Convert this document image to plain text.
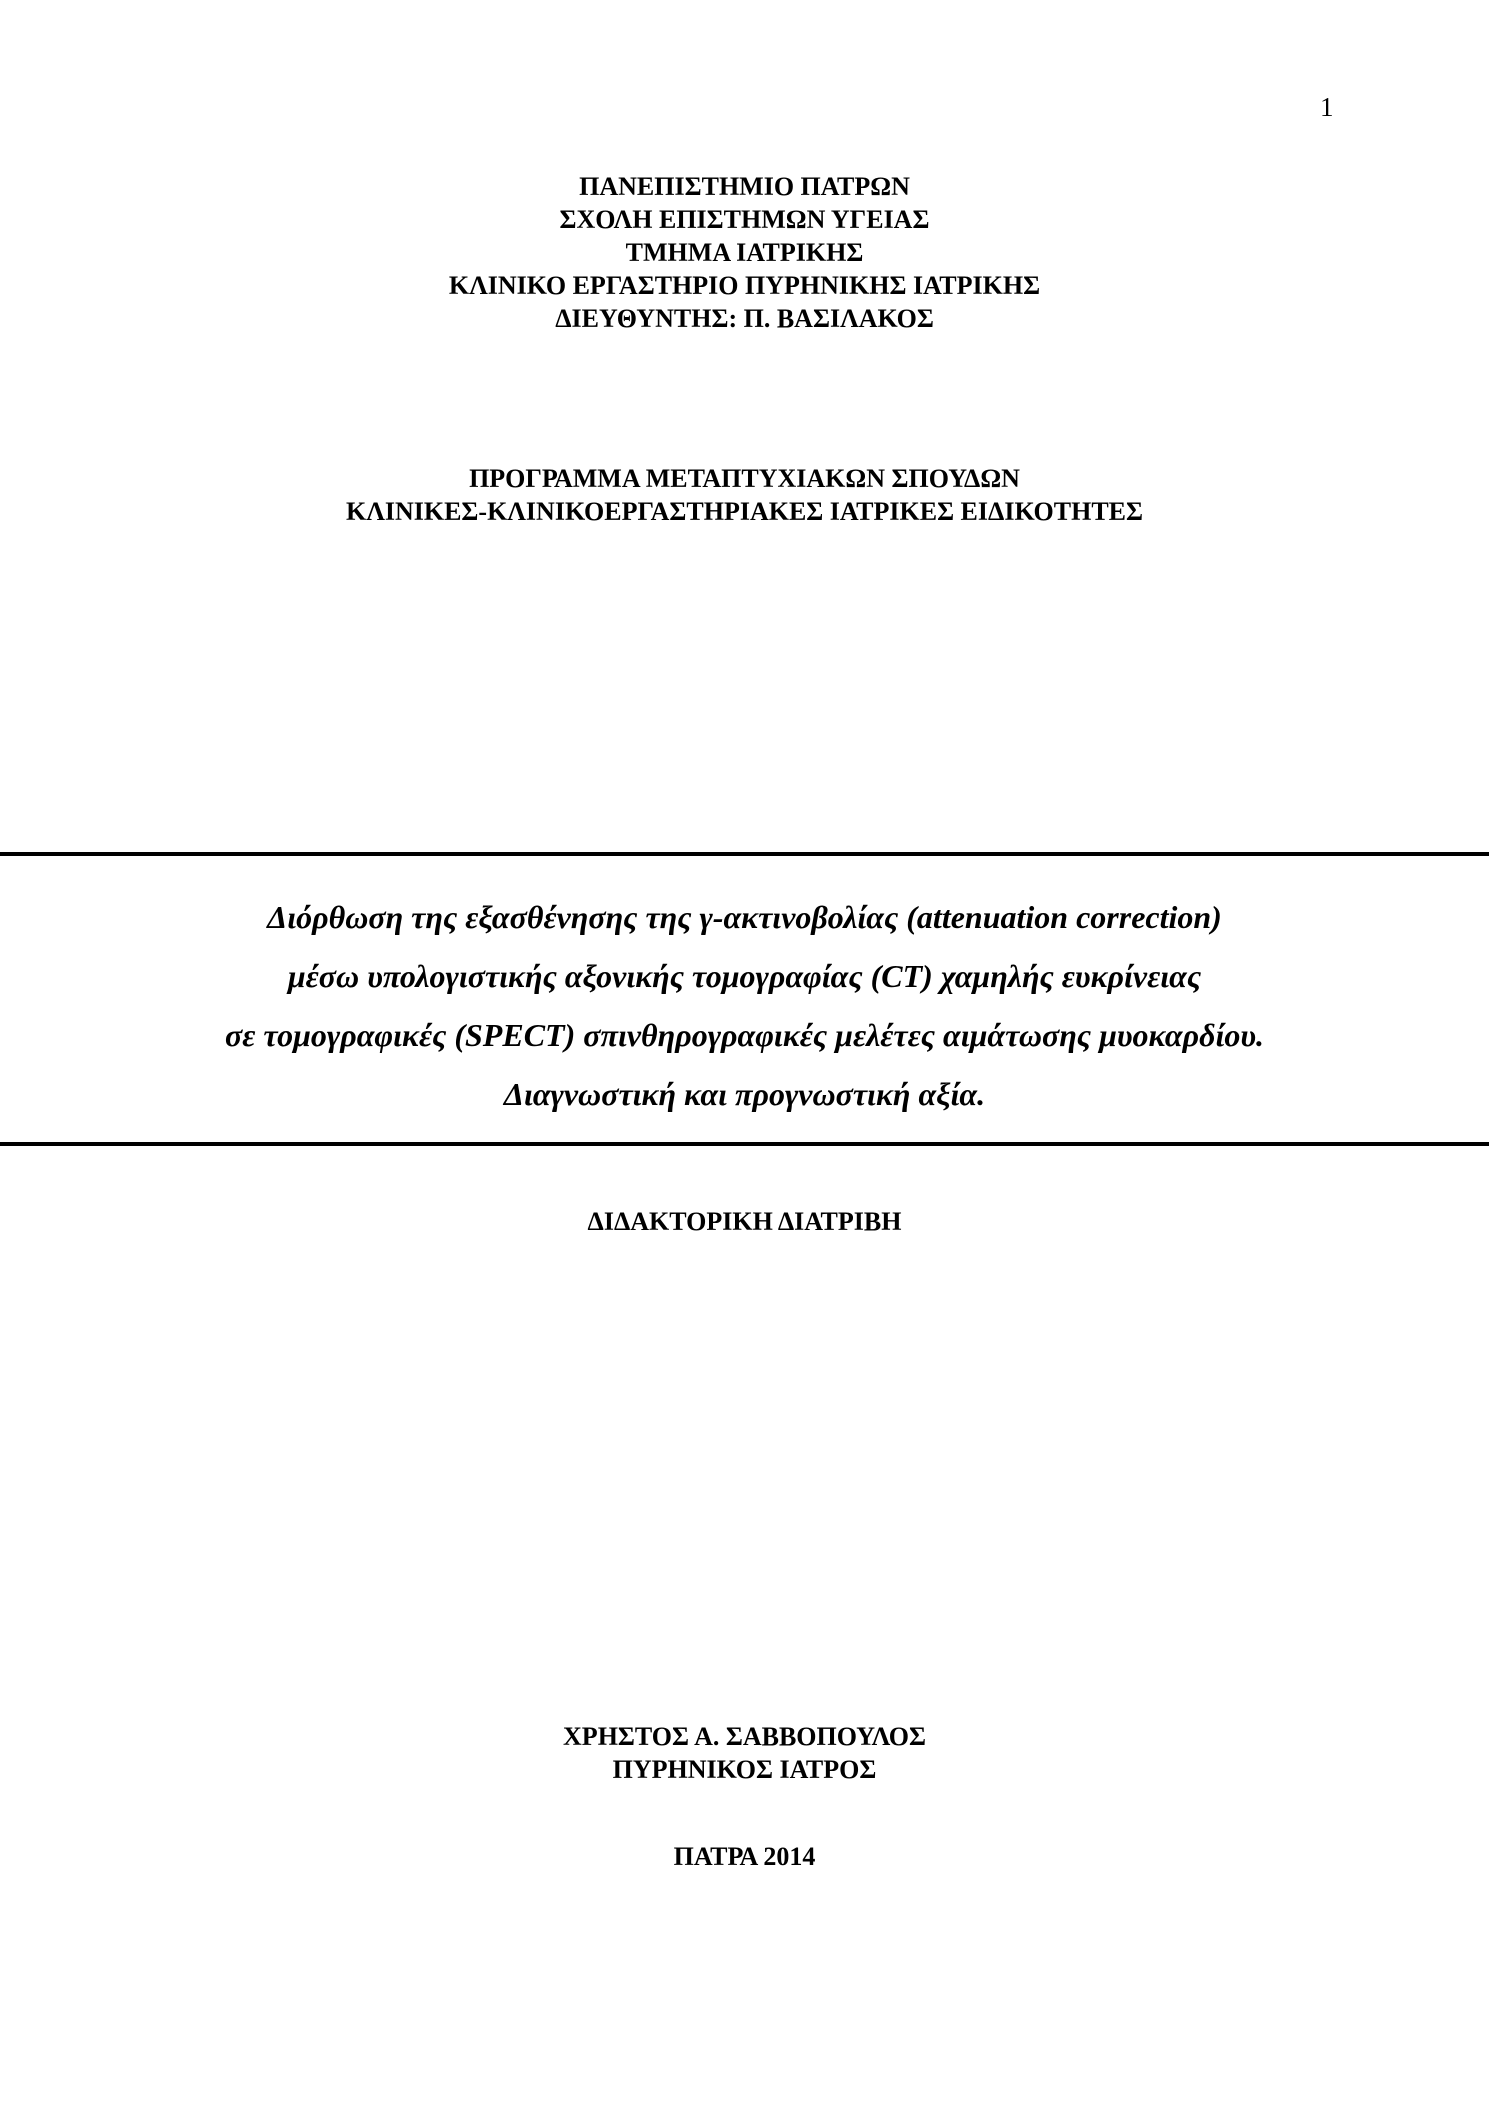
1
ΠΑΝΕΠΙΣΤΗΜΙΟ ΠΑΤΡΩΝ
ΣΧΟΛΗ ΕΠΙΣΤΗΜΩΝ ΥΓΕΙΑΣ
ΤΜΗΜΑ ΙΑΤΡΙΚΗΣ
ΚΛΙΝΙΚΟ ΕΡΓΑΣΤΗΡΙΟ ΠΥΡΗΝΙΚΗΣ ΙΑΤΡΙΚΗΣ
ΔΙΕΥΘΥΝΤΗΣ: Π. ΒΑΣΙΛΑΚΟΣ
ΠΡΟΓΡΑΜΜΑ ΜΕΤΑΠΤΥΧΙΑΚΩΝ ΣΠΟΥΔΩΝ
ΚΛΙΝΙΚΕΣ-ΚΛΙΝΙΚΟΕΡΓΑΣΤΗΡΙΑΚΕΣ ΙΑΤΡΙΚΕΣ ΕΙΔΙΚΟΤΗΤΕΣ
Διόρθωση της εξασθένησης της γ-ακτινοβολίας (attenuation correction)
μέσω υπολογιστικής αξονικής τομογραφίας (CT) χαμηλής ευκρίνειας
σε τομογραφικές (SPECT) σπινθηρογραφικές μελέτες αιμάτωσης μυοκαρδίου.
Διαγνωστική και προγνωστική αξία.
ΔΙΔΑΚΤΟΡΙΚΗ ΔΙΑΤΡΙΒΗ
ΧΡΗΣΤΟΣ Α. ΣΑΒΒΟΠΟΥΛΟΣ
ΠΥΡΗΝΙΚΟΣ ΙΑΤΡΟΣ
ΠΑΤΡΑ 2014
